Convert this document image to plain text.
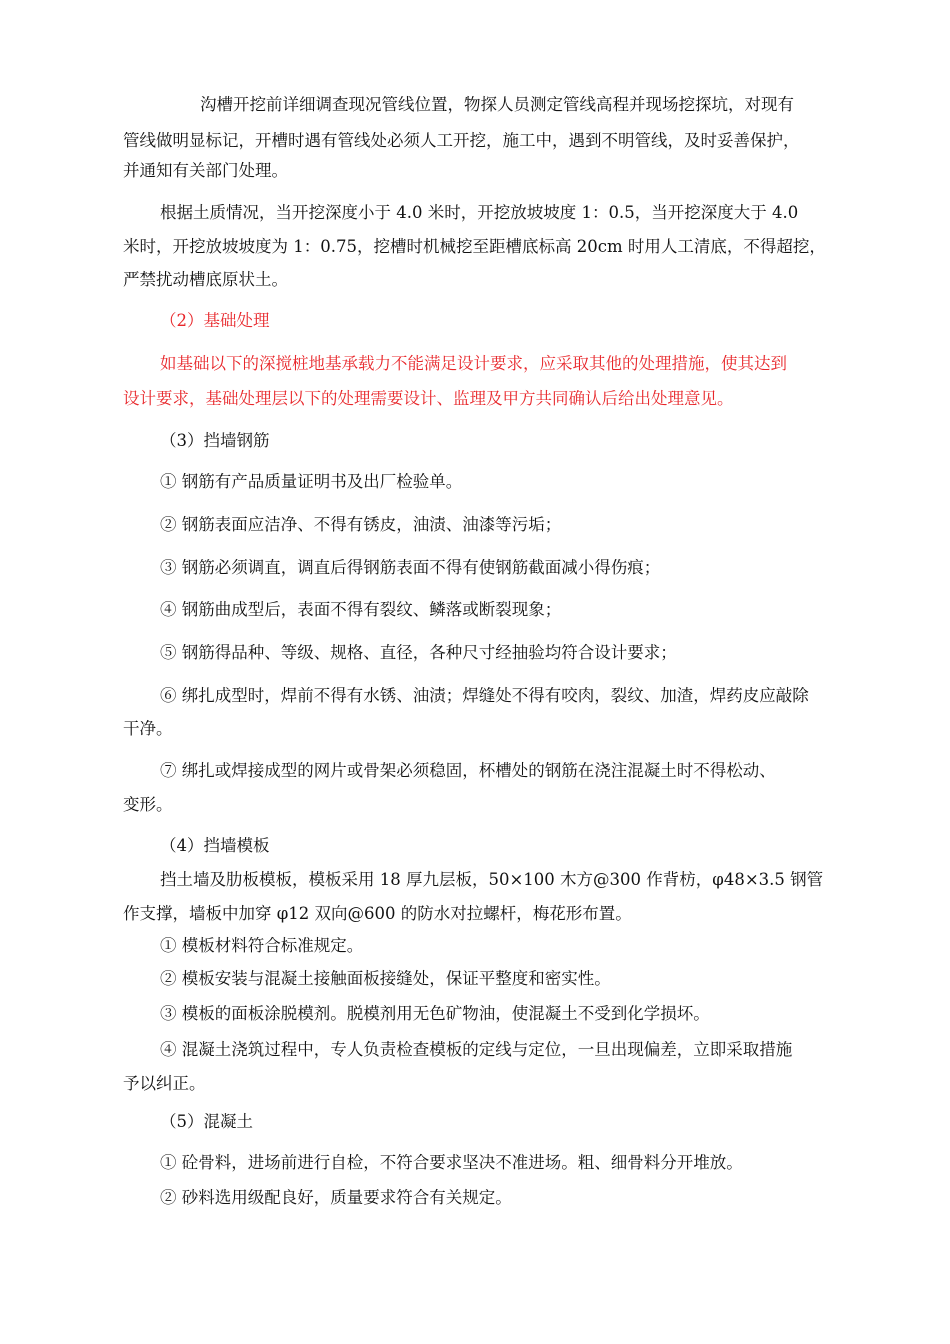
沟槽开挖前详细调查现况管线位置，物探人员测定管线高程并现场挖探坑，对现有
管线做明显标记，开槽时遇有管线处必须人工开挖，施工中，遇到不明管线，及时妥善保护，
并通知有关部门处理。
根据土质情况，当开挖深度小于 4.0 米时，开挖放坡坡度 1：0.5，当开挖深度大于 4.0
米时，开挖放坡坡度为 1：0.75，挖槽时机械挖至距槽底标高 20cm 时用人工清底，不得超挖，
严禁扰动槽底原状土。
（2）基础处理
如基础以下的深搅桩地基承载力不能满足设计要求，应采取其他的处理措施，使其达到
设计要求，基础处理层以下的处理需要设计、监理及甲方共同确认后给出处理意见。
（3）挡墙钢筋
① 钢筋有产品质量证明书及出厂检验单。
② 钢筋表面应洁净、不得有锈皮，油渍、油漆等污垢；
③ 钢筋必须调直，调直后得钢筋表面不得有使钢筋截面减小得伤痕；
④ 钢筋曲成型后，表面不得有裂纹、鳞落或断裂现象；
⑤ 钢筋得品种、等级、规格、直径，各种尺寸经抽验均符合设计要求；
⑥ 绑扎成型时，焊前不得有水锈、油渍；焊缝处不得有咬肉，裂纹、加渣，焊药皮应敲除
干净。
⑦ 绑扎或焊接成型的网片或骨架必须稳固，杯槽处的钢筋在浇注混凝土时不得松动、
变形。
（4）挡墙模板
挡土墙及肋板模板，模板采用 18 厚九层板，50×100 木方@300 作背枋，φ48×3.5 钢管
作支撑，墙板中加穿 φ12 双向@600 的防水对拉螺杆，梅花形布置。
① 模板材料符合标准规定。
② 模板安装与混凝土接触面板接缝处，保证平整度和密实性。
③ 模板的面板涂脱模剂。脱模剂用无色矿物油，使混凝土不受到化学损坏。
④ 混凝土浇筑过程中，专人负责检查模板的定线与定位，一旦出现偏差，立即采取措施
予以纠正。
（5）混凝土
① 砼骨料，进场前进行自检，不符合要求坚决不准进场。粗、细骨料分开堆放。
② 砂料选用级配良好，质量要求符合有关规定。
